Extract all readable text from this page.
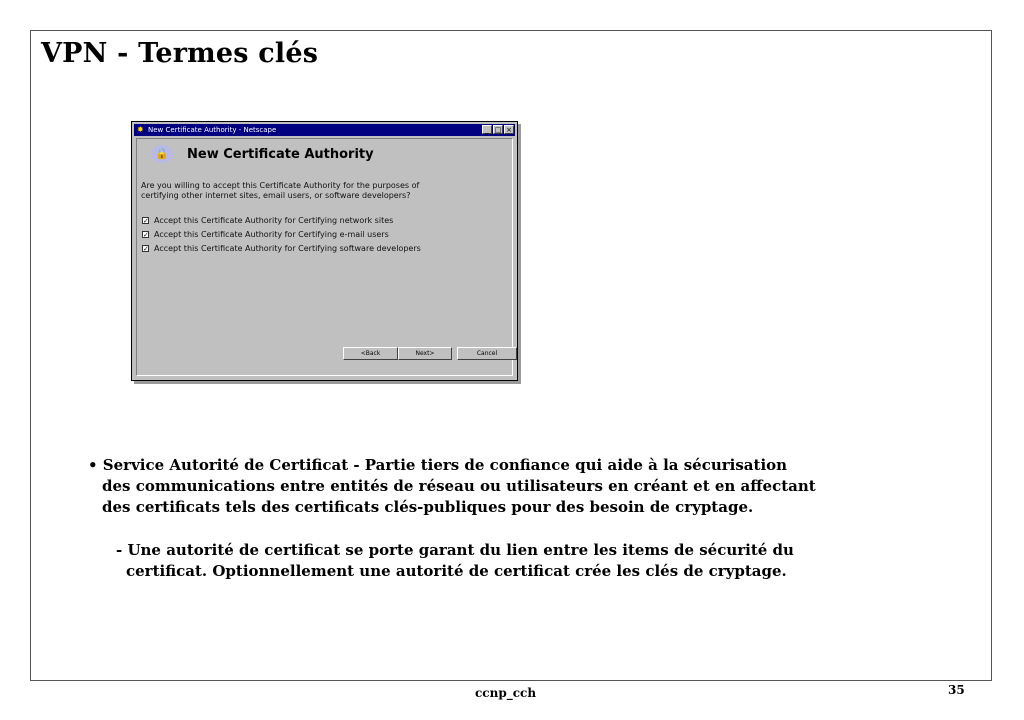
VPN - Termes clés
✸ New Certificate Authority - Netscape	_ □ ×
🔒	New Certificate Authority

Are you willing to accept this Certificate Authority for the purposes of
certifying other internet sites, email users, or software developers?

✓ Accept this Certificate Authority for Certifying network sites
✓ Accept this Certificate Authority for Certifying e-mail users
✓ Accept this Certificate Authority for Certifying software developers
<Back	Next>	Cancel

• Service Autorité de Certificat - Partie tiers de confiance qui aide à la sécurisation
des communications entre entités de réseau ou utilisateurs en créant et en affectant
des certificats tels des certificats clés-publiques pour des besoin de cryptage.

- Une autorité de certificat se porte garant du lien entre les items de sécurité du
certificat. Optionnellement une autorité de certificat crée les clés de cryptage.

ccnp_cch	35
